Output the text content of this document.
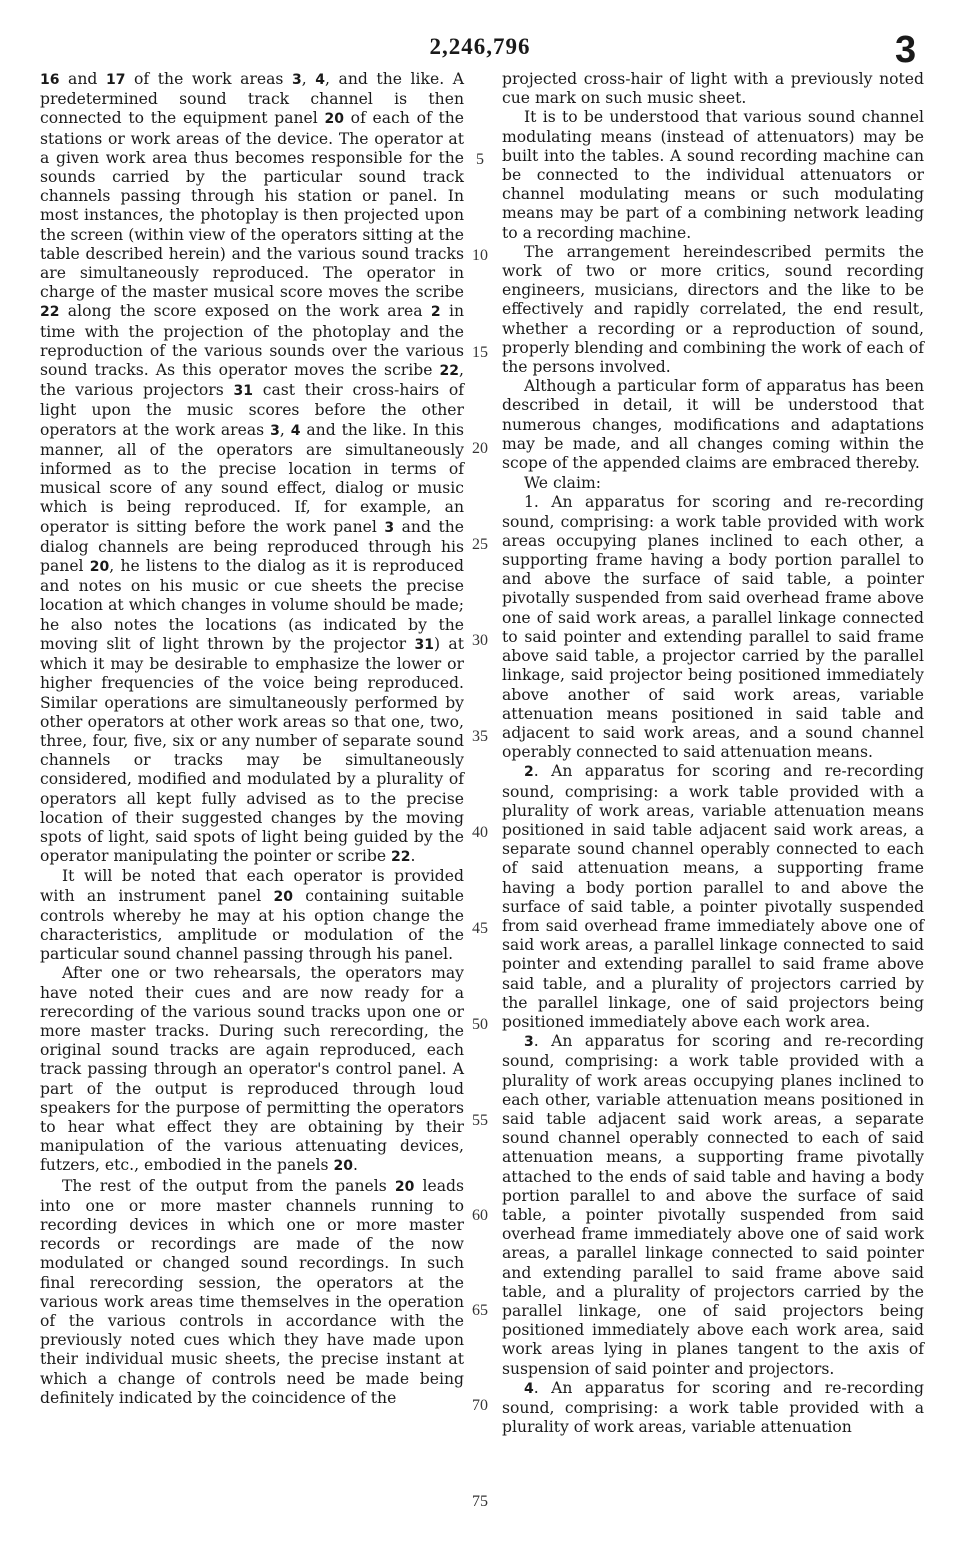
2,246,796	3

16 and 17 of the work areas 3, 4, and the like. A predetermined sound track channel is then connected to the equipment panel 20 of each of the stations or work areas of the device. The operator at a given work area thus becomes responsible for the sounds carried by the particular sound track channels passing through his station or panel. In most instances, the photoplay is then projected upon the screen (within view of the operators sitting at the table described herein) and the various sound tracks are simultaneously reproduced. The operator in charge of the master musical score moves the scribe 22 along the score exposed on the work area 2 in time with the projection of the photoplay and the reproduction of the various sounds over the various sound tracks. As this operator moves the scribe 22, the various projectors 31 cast their cross-hairs of light upon the music scores before the other operators at the work areas 3, 4 and the like. In this manner, all of the operators are simultaneously informed as to the precise location in terms of musical score of any sound effect, dialog or music which is being reproduced. If, for example, an operator is sitting before the work panel 3 and the dialog channels are being reproduced through his panel 20, he listens to the dialog as it is reproduced and notes on his music or cue sheets the precise location at which changes in volume should be made; he also notes the locations (as indicated by the moving slit of light thrown by the projector 31) at which it may be desirable to emphasize the lower or higher frequencies of the voice being reproduced. Similar operations are simultaneously performed by other operators at other work areas so that one, two, three, four, five, six or any number of separate sound channels or tracks may be simultaneously considered, modified and modulated by a plurality of operators all kept fully advised as to the precise location of their suggested changes by the moving spots of light, said spots of light being guided by the operator manipulating the pointer or scribe 22.

It will be noted that each operator is provided with an instrument panel 20 containing suitable controls whereby he may at his option change the characteristics, amplitude or modulation of the particular sound channel passing through his panel.

After one or two rehearsals, the operators may have noted their cues and are now ready for a rerecording of the various sound tracks upon one or more master tracks. During such rerecording, the original sound tracks are again reproduced, each track passing through an operator's control panel. A part of the output is reproduced through loud speakers for the purpose of permitting the operators to hear what effect they are obtaining by their manipulation of the various attenuating devices, futzers, etc., embodied in the panels 20.

The rest of the output from the panels 20 leads into one or more master channels running to recording devices in which one or more master records or recordings are made of the now modulated or changed sound recordings. In such final rerecording session, the operators at the various work areas time themselves in the operation of the various controls in accordance with the previously noted cues which they have made upon their individual music sheets, the precise instant at which a change of controls need be made being definitely indicated by the coincidence of the

projected cross-hair of light with a previously noted cue mark on such music sheet.

It is to be understood that various sound channel modulating means (instead of attenuators) may be built into the tables. A sound recording machine can be connected to the individual attenuators or channel modulating means or such modulating means may be part of a combining network leading to a recording machine.

The arrangement hereindescribed permits the work of two or more critics, sound recording engineers, musicians, directors and the like to be effectively and rapidly correlated, the end result, whether a recording or a reproduction of sound, properly blending and combining the work of each of the persons involved.

Although a particular form of apparatus has been described in detail, it will be understood that numerous changes, modifications and adaptations may be made, and all changes coming within the scope of the appended claims are embraced thereby.

We claim:

1. An apparatus for scoring and re-recording sound, comprising: a work table provided with work areas occupying planes inclined to each other, a supporting frame having a body portion parallel to and above the surface of said table, a pointer pivotally suspended from said overhead frame above one of said work areas, a parallel linkage connected to said pointer and extending parallel to said frame above said table, a projector carried by the parallel linkage, said projector being positioned immediately above another of said work areas, variable attenuation means positioned in said table and adjacent to said work areas, and a sound channel operably connected to said attenuation means.

2. An apparatus for scoring and re-recording sound, comprising: a work table provided with a plurality of work areas, variable attenuation means positioned in said table adjacent said work areas, a separate sound channel operably connected to each of said attenuation means, a supporting frame having a body portion parallel to and above the surface of said table, a pointer pivotally suspended from said overhead frame immediately above one of said work areas, a parallel linkage connected to said pointer and extending parallel to said frame above said table, and a plurality of projectors carried by the parallel linkage, one of said projectors being positioned immediately above each work area.

3. An apparatus for scoring and re-recording sound, comprising: a work table provided with a plurality of work areas occupying planes inclined to each other, variable attenuation means positioned in said table adjacent said work areas, a separate sound channel operably connected to each of said attenuation means, a supporting frame pivotally attached to the ends of said table and having a body portion parallel to and above the surface of said table, a pointer pivotally suspended from said overhead frame immediately above one of said work areas, a parallel linkage connected to said pointer and extending parallel to said frame above said table, and a plurality of projectors carried by the parallel linkage, one of said projectors being positioned immediately above each work area, said work areas lying in planes tangent to the axis of suspension of said pointer and projectors.

4. An apparatus for scoring and re-recording sound, comprising: a work table provided with a plurality of work areas, variable attenuation

5
10
15
20
25
30
35
40
45
50
55
60
65
70
75
